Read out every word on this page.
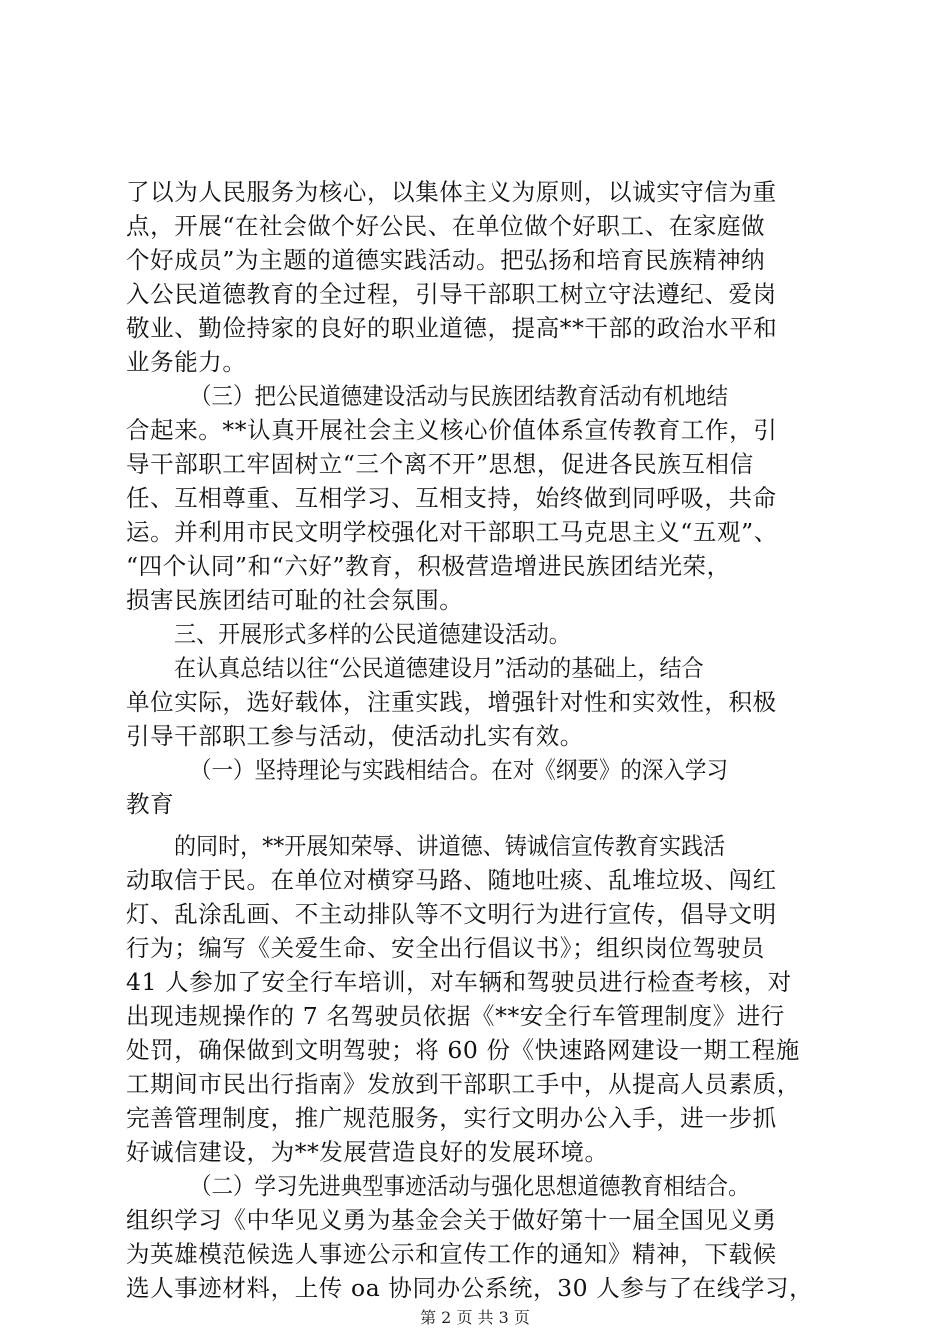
了以为人民服务为核心，以集体主义为原则，以诚实守信为重
点，开展“在社会做个好公民、在单位做个好职工、在家庭做
个好成员”为主题的道德实践活动。把弘扬和培育民族精神纳
入公民道德教育的全过程，引导干部职工树立守法遵纪、爱岗
敬业、勤俭持家的良好的职业道德，提高**干部的政治水平和
业务能力。
（三）把公民道德建设活动与民族团结教育活动有机地结
合起来。**认真开展社会主义核心价值体系宣传教育工作，引
导干部职工牢固树立“三个离不开”思想，促进各民族互相信
任、互相尊重、互相学习、互相支持，始终做到同呼吸，共命
运。并利用市民文明学校强化对干部职工马克思主义“五观”、
“四个认同”和“六好”教育，积极营造增进民族团结光荣，
损害民族团结可耻的社会氛围。
三、开展形式多样的公民道德建设活动。
在认真总结以往“公民道德建设月”活动的基础上，结合
单位实际，选好载体，注重实践，增强针对性和实效性，积极
引导干部职工参与活动，使活动扎实有效。
（一）坚持理论与实践相结合。在对《纲要》的深入学习
教育
的同时，**开展知荣辱、讲道德、铸诚信宣传教育实践活
动取信于民。在单位对横穿马路、随地吐痰、乱堆垃圾、闯红
灯、乱涂乱画、不主动排队等不文明行为进行宣传，倡导文明
行为；编写《关爱生命、安全出行倡议书》；组织岗位驾驶员
41 人参加了安全行车培训，对车辆和驾驶员进行检查考核，对
出现违规操作的 7 名驾驶员依据《**安全行车管理制度》进行
处罚，确保做到文明驾驶；将 60 份《快速路网建设一期工程施
工期间市民出行指南》发放到干部职工手中，从提高人员素质，
完善管理制度，推广规范服务，实行文明办公入手，进一步抓
好诚信建设，为**发展营造良好的发展环境。
（二）学习先进典型事迹活动与强化思想道德教育相结合。
组织学习《中华见义勇为基金会关于做好第十一届全国见义勇
为英雄模范候选人事迹公示和宣传工作的通知》精神，下载候
选人事迹材料，上传 oa 协同办公系统，30 人参与了在线学习，
第 2 页 共 3 页
